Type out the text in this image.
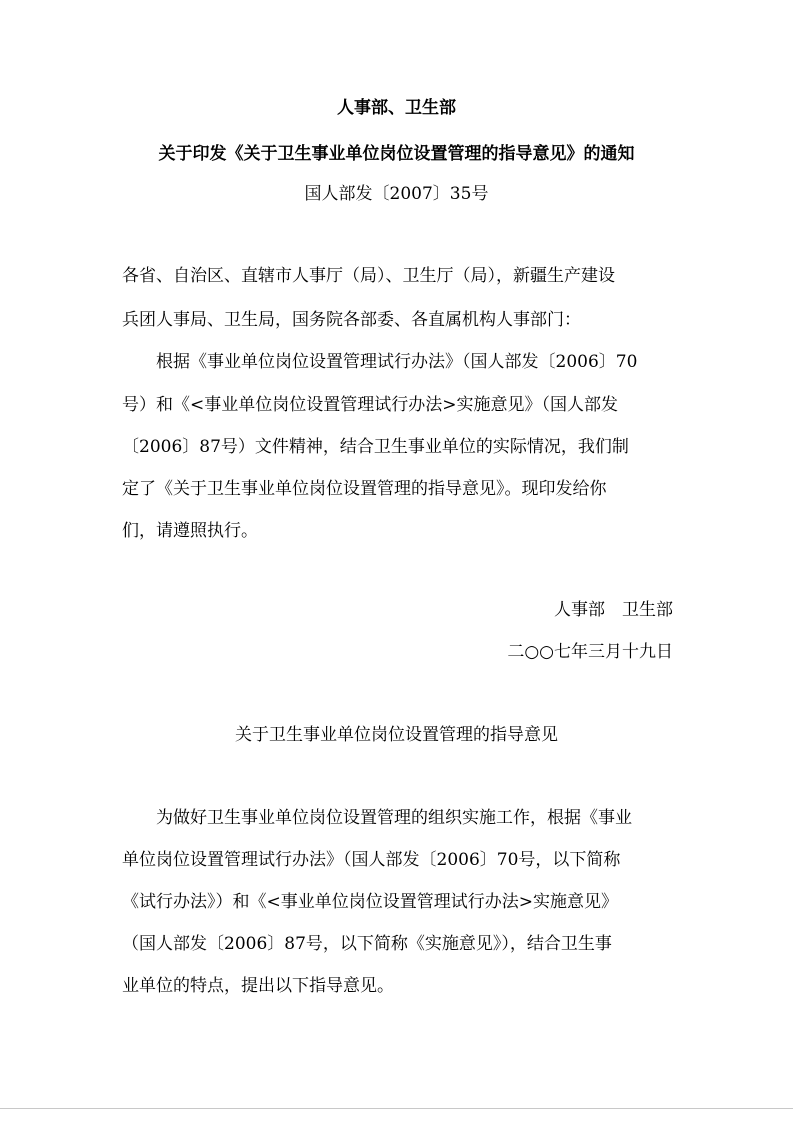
人事部、卫生部
关于印发《关于卫生事业单位岗位设置管理的指导意见》的通知
国人部发〔2007〕35号
各省、自治区、直辖市人事厅（局）、卫生厅（局），新疆生产建设
兵团人事局、卫生局，国务院各部委、各直属机构人事部门：
根据《事业单位岗位设置管理试行办法》（国人部发〔2006〕70
号）和《<事业单位岗位设置管理试行办法>实施意见》（国人部发
〔2006〕87号）文件精神，结合卫生事业单位的实际情况，我们制
定了《关于卫生事业单位岗位设置管理的指导意见》。现印发给你
们，请遵照执行。
人事部　卫生部
二○○七年三月十九日
关于卫生事业单位岗位设置管理的指导意见
为做好卫生事业单位岗位设置管理的组织实施工作，根据《事业
单位岗位设置管理试行办法》（国人部发〔2006〕70号，以下简称
《试行办法》）和《<事业单位岗位设置管理试行办法>实施意见》
（国人部发〔2006〕87号，以下简称《实施意见》），结合卫生事
业单位的特点，提出以下指导意见。
